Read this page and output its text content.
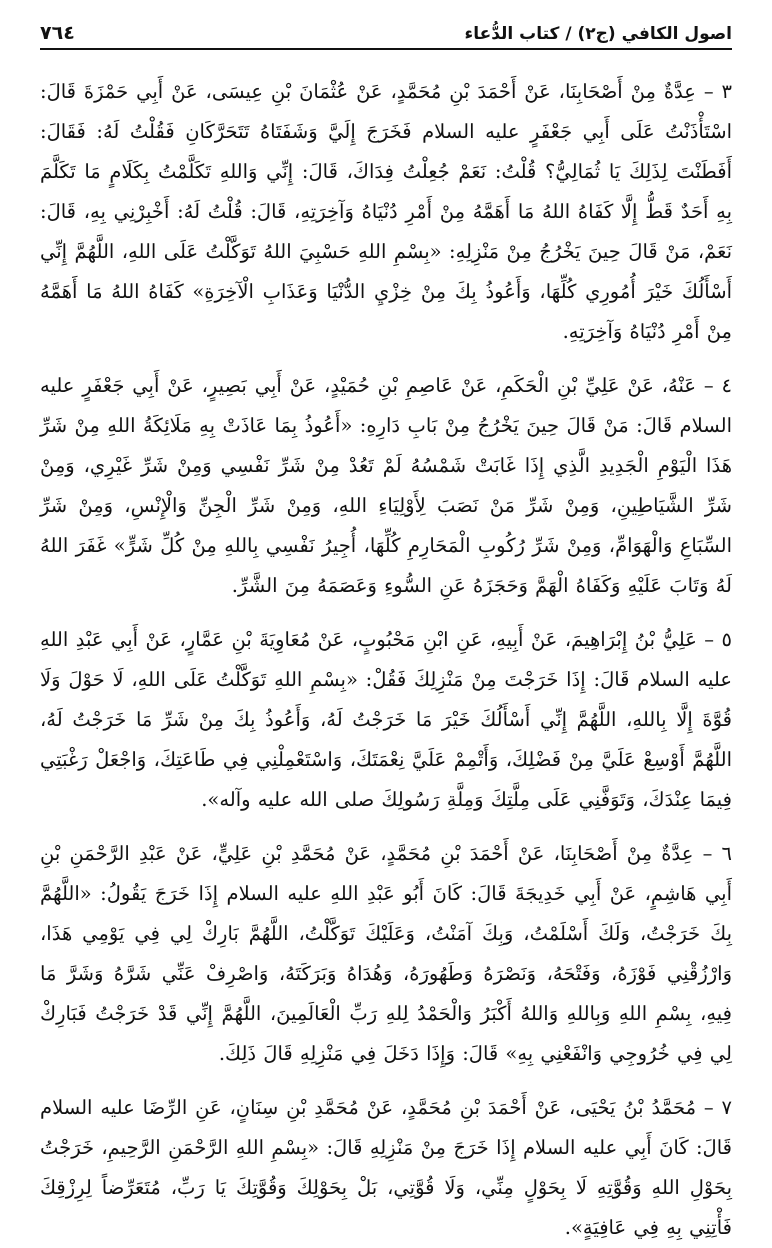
اصول الكافي (ج٢) / كتاب الدُّعاء
٧٦٤

٣ – عِدَّةٌ مِنْ أَصْحَابِنَا، عَنْ أَحْمَدَ بْنِ مُحَمَّدٍ، عَنْ عُثْمَانَ بْنِ عِيسَى، عَنْ أَبِي حَمْزَةَ قَالَ: اسْتَأْذَنْتُ عَلَى أَبِي جَعْفَرٍ عليه السلام فَخَرَجَ إِلَيَّ وَشَفَتَاهُ تَتَحَرَّكَانِ فَقُلْتُ لَهُ: فَقَالَ: أَفَطَنْتَ لِذَلِكَ يَا ثُمَالِيُّ؟ قُلْتُ: نَعَمْ جُعِلْتُ فِدَاكَ، قَالَ: إِنِّي وَاللهِ تَكَلَّمْتُ بِكَلَامٍ مَا تَكَلَّمَ بِهِ أَحَدٌ قَطُّ إِلَّا كَفَاهُ اللهُ مَا أَهَمَّهُ مِنْ أَمْرِ دُنْيَاهُ وَآخِرَتِهِ، قَالَ: قُلْتُ لَهُ: أَخْبِرْنِي بِهِ، قَالَ: نَعَمْ، مَنْ قَالَ حِينَ يَخْرُجُ مِنْ مَنْزِلِهِ: «بِسْمِ اللهِ حَسْبِيَ اللهُ تَوَكَّلْتُ عَلَى اللهِ، اللَّهُمَّ إِنِّي أَسْأَلُكَ خَيْرَ أُمُورِي كُلِّهَا، وَأَعُوذُ بِكَ مِنْ خِزْيِ الدُّنْيَا وَعَذَابِ الْآخِرَةِ» كَفَاهُ اللهُ مَا أَهَمَّهُ مِنْ أَمْرِ دُنْيَاهُ وَآخِرَتِهِ.

٤ – عَنْهُ، عَنْ عَلِيِّ بْنِ الْحَكَمِ، عَنْ عَاصِمِ بْنِ حُمَيْدٍ، عَنْ أَبِي بَصِيرٍ، عَنْ أَبِي جَعْفَرٍ عليه السلام قَالَ: مَنْ قَالَ حِينَ يَخْرُجُ مِنْ بَابِ دَارِهِ: «أَعُوذُ بِمَا عَاذَتْ بِهِ مَلَائِكَةُ اللهِ مِنْ شَرِّ هَذَا الْيَوْمِ الْجَدِيدِ الَّذِي إِذَا غَابَتْ شَمْسُهُ لَمْ تَعُدْ مِنْ شَرِّ نَفْسِي وَمِنْ شَرِّ غَيْرِي، وَمِنْ شَرِّ الشَّيَاطِينِ، وَمِنْ شَرِّ مَنْ نَصَبَ لِأَوْلِيَاءِ اللهِ، وَمِنْ شَرِّ الْجِنِّ وَالْإِنْسِ، وَمِنْ شَرِّ السِّبَاعِ وَالْهَوَامِّ، وَمِنْ شَرِّ رُكُوبِ الْمَحَارِمِ كُلِّهَا، أُجِيرُ نَفْسِي بِاللهِ مِنْ كُلِّ شَرٍّ» غَفَرَ اللهُ لَهُ وَتَابَ عَلَيْهِ وَكَفَاهُ الْهَمَّ وَحَجَزَهُ عَنِ السُّوءِ وَعَصَمَهُ مِنَ الشَّرِّ.

٥ – عَلِيُّ بْنُ إِبْرَاهِيمَ، عَنْ أَبِيهِ، عَنِ ابْنِ مَحْبُوبٍ، عَنْ مُعَاوِيَةَ بْنِ عَمَّارٍ، عَنْ أَبِي عَبْدِ اللهِ عليه السلام قَالَ: إِذَا خَرَجْتَ مِنْ مَنْزِلِكَ فَقُلْ: «بِسْمِ اللهِ تَوَكَّلْتُ عَلَى اللهِ، لَا حَوْلَ وَلَا قُوَّةَ إِلَّا بِاللهِ، اللَّهُمَّ إِنِّي أَسْأَلُكَ خَيْرَ مَا خَرَجْتُ لَهُ، وَأَعُوذُ بِكَ مِنْ شَرِّ مَا خَرَجْتُ لَهُ، اللَّهُمَّ أَوْسِعْ عَلَيَّ مِنْ فَضْلِكَ، وَأَتْمِمْ عَلَيَّ نِعْمَتَكَ، وَاسْتَعْمِلْنِي فِي طَاعَتِكَ، وَاجْعَلْ رَغْبَتِي فِيمَا عِنْدَكَ، وَتَوَفَّنِي عَلَى مِلَّتِكَ وَمِلَّةِ رَسُولِكَ صلى الله عليه وآله».

٦ – عِدَّةٌ مِنْ أَصْحَابِنَا، عَنْ أَحْمَدَ بْنِ مُحَمَّدٍ، عَنْ مُحَمَّدِ بْنِ عَلِيٍّ، عَنْ عَبْدِ الرَّحْمَنِ بْنِ أَبِي هَاشِمٍ، عَنْ أَبِي خَدِيجَةَ قَالَ: كَانَ أَبُو عَبْدِ اللهِ عليه السلام إِذَا خَرَجَ يَقُولُ: «اللَّهُمَّ بِكَ خَرَجْتُ، وَلَكَ أَسْلَمْتُ، وَبِكَ آمَنْتُ، وَعَلَيْكَ تَوَكَّلْتُ، اللَّهُمَّ بَارِكْ لِي فِي يَوْمِي هَذَا، وَارْزُقْنِي فَوْزَهُ، وَفَتْحَهُ، وَنَصْرَهُ وَطَهُورَهُ، وَهُدَاهُ وَبَرَكَتَهُ، وَاصْرِفْ عَنِّي شَرَّهُ وَشَرَّ مَا فِيهِ، بِسْمِ اللهِ وَبِاللهِ وَاللهُ أَكْبَرُ وَالْحَمْدُ لِلهِ رَبِّ الْعَالَمِينَ، اللَّهُمَّ إِنِّي قَدْ خَرَجْتُ فَبَارِكْ لِي فِي خُرُوجِي وَانْفَعْنِي بِهِ» قَالَ: وَإِذَا دَخَلَ فِي مَنْزِلِهِ قَالَ ذَلِكَ.

٧ – مُحَمَّدُ بْنُ يَحْيَى، عَنْ أَحْمَدَ بْنِ مُحَمَّدٍ، عَنْ مُحَمَّدِ بْنِ سِنَانٍ، عَنِ الرِّضَا عليه السلام قَالَ: كَانَ أَبِي عليه السلام إِذَا خَرَجَ مِنْ مَنْزِلِهِ قَالَ: «بِسْمِ اللهِ الرَّحْمَنِ الرَّحِيمِ، خَرَجْتُ بِحَوْلِ اللهِ وَقُوَّتِهِ لَا بِحَوْلٍ مِنِّي، وَلَا قُوَّتِي، بَلْ بِحَوْلِكَ وَقُوَّتِكَ يَا رَبِّ، مُتَعَرِّضاً لِرِزْقِكَ فَأْتِنِي بِهِ فِي عَافِيَةٍ».
